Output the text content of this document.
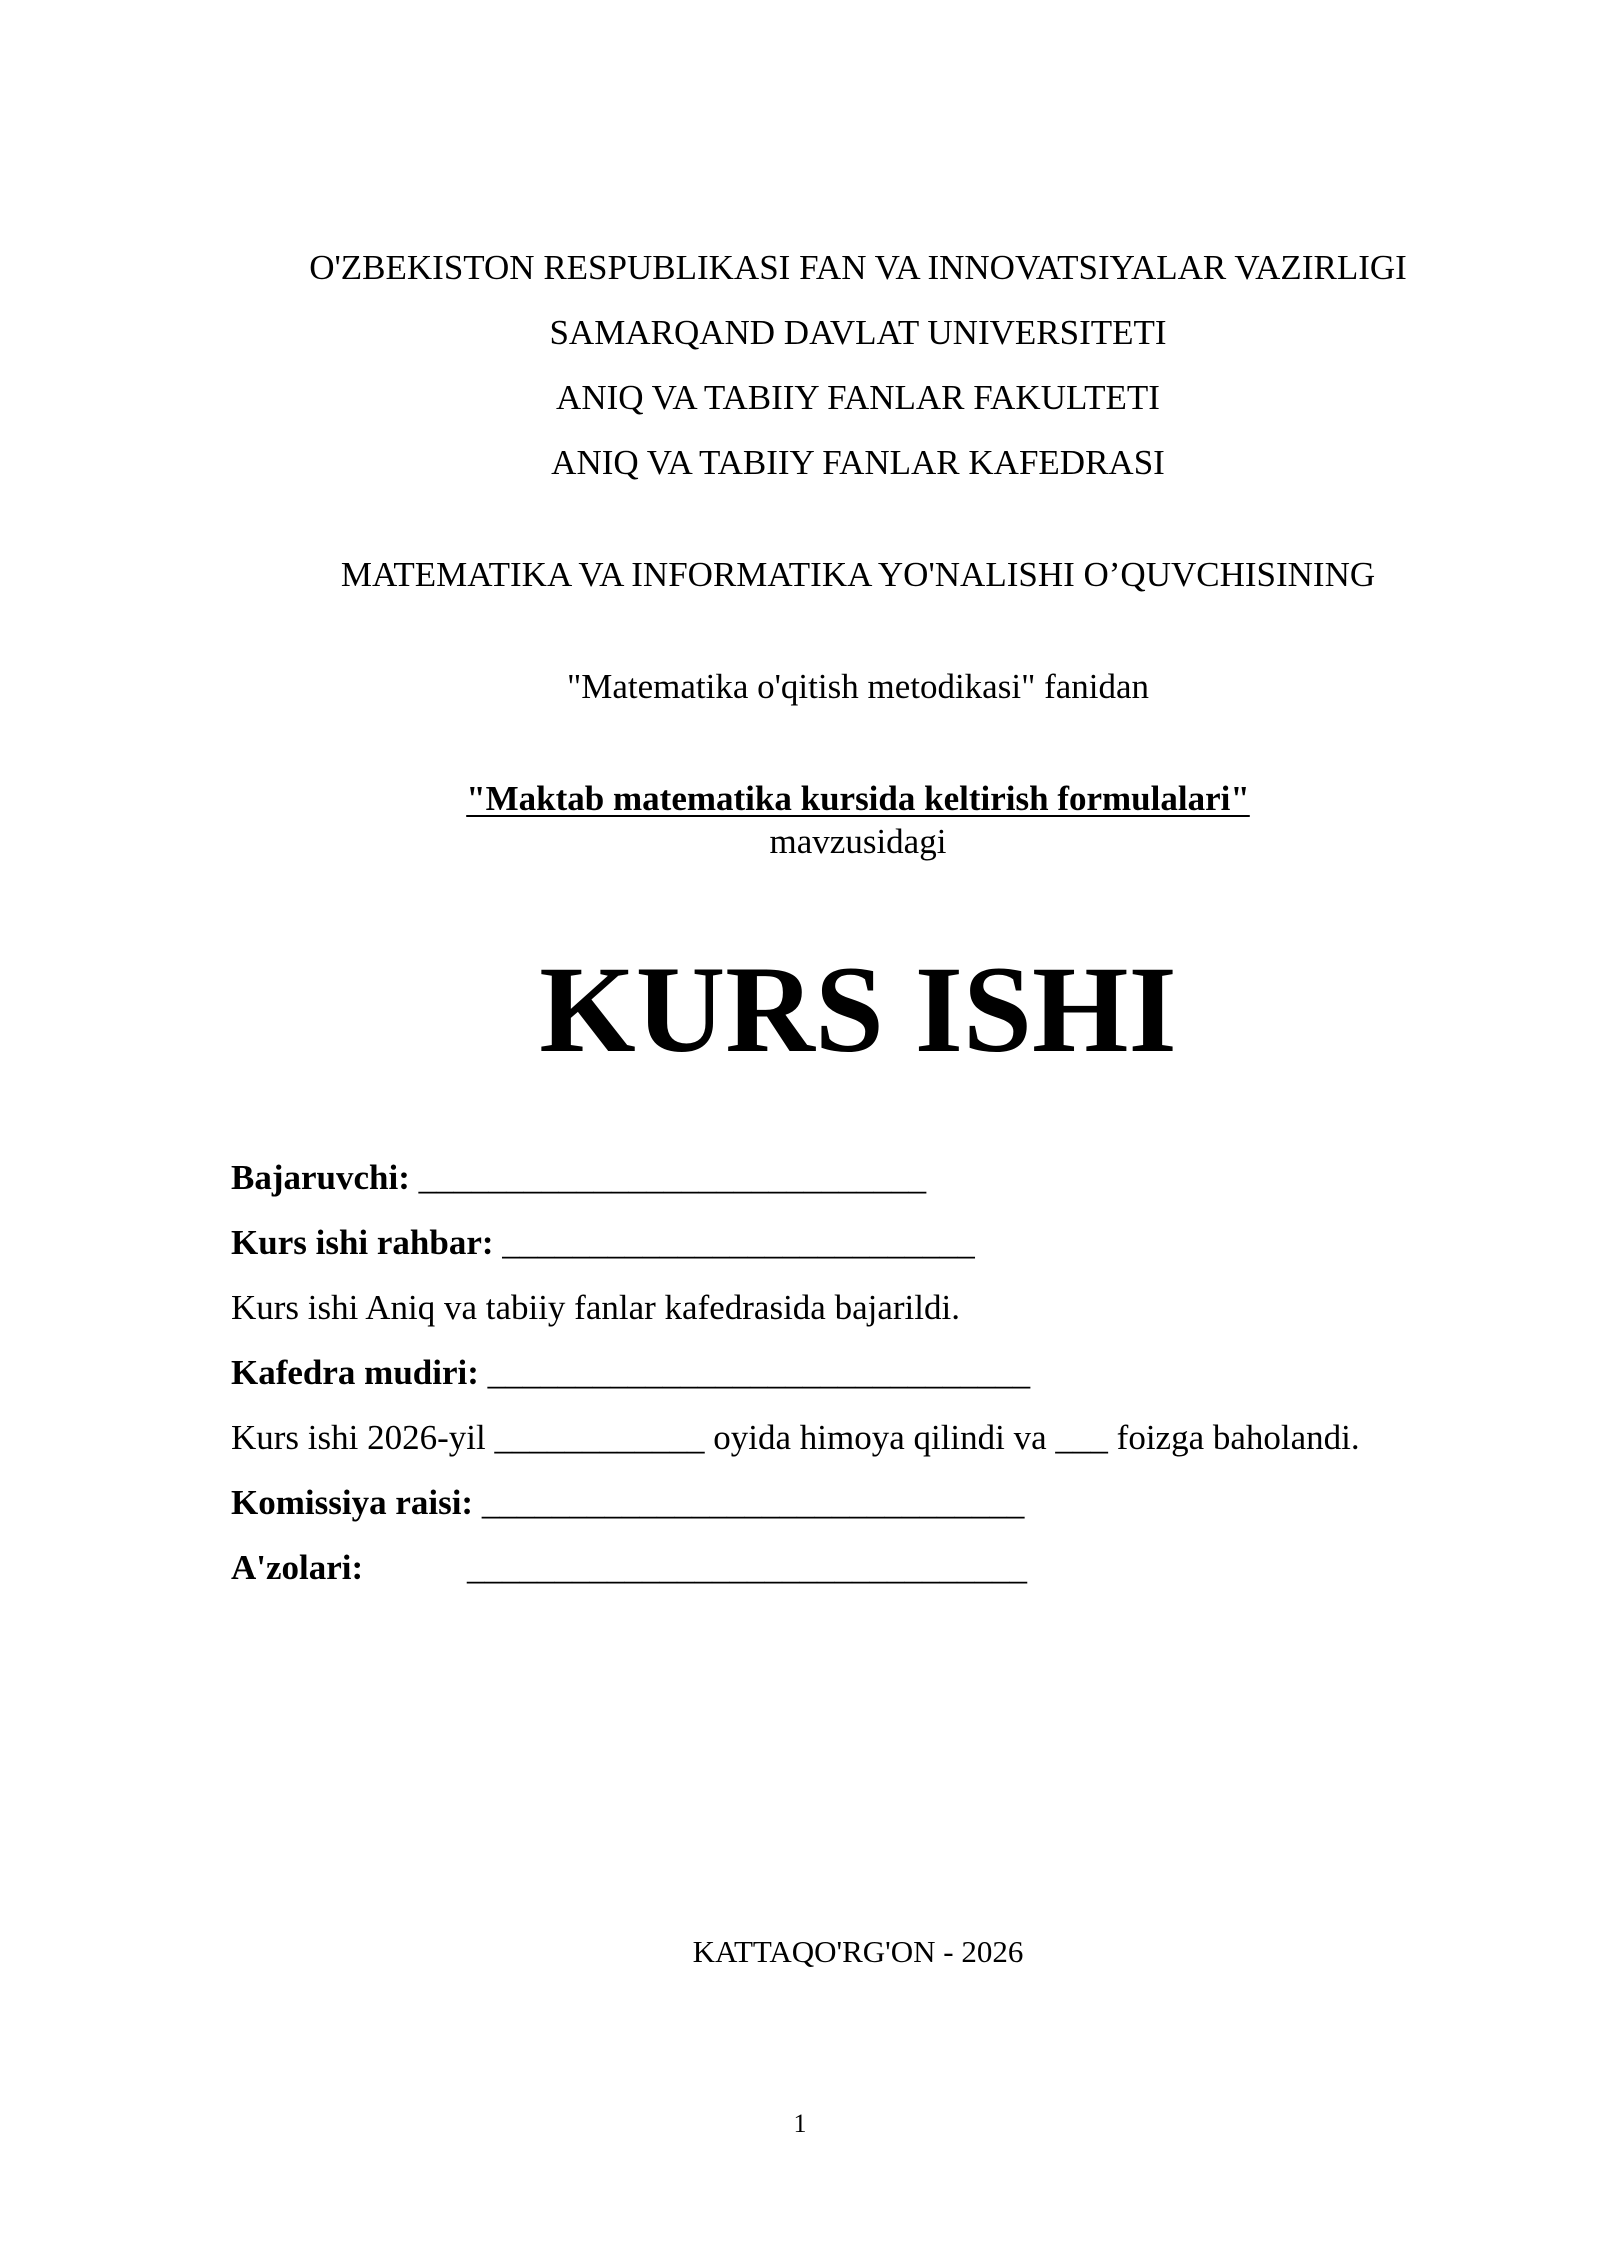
O'ZBEKISTON RESPUBLIKASI FAN VA INNOVATSIYALAR VAZIRLIGI
SAMARQAND DAVLAT UNIVERSITETI
ANIQ VA TABIIY FANLAR FAKULTETI
ANIQ VA TABIIY FANLAR KAFEDRASI
MATEMATIKA VA INFORMATIKA YO'NALISHI O’QUVCHISINING
"Matematika o'qitish metodikasi" fanidan
"Maktab matematika kursida keltirish formulalari"
mavzusidagi
KURS ISHI
Bajaruvchi: _____________________________
Kurs ishi rahbar: ___________________________
Kurs ishi Aniq va tabiiy fanlar kafedrasida bajarildi.
Kafedra mudiri: _______________________________
Kurs ishi 2026-yil ____________ oyida himoya qilindi va ___ foizga baholandi.
Komissiya raisi: _______________________________
A'zolari:	________________________________
KATTAQO'RG'ON - 2026
1
